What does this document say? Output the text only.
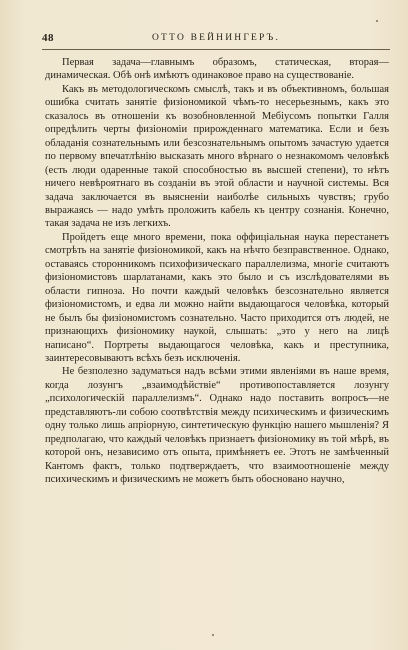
48	ОТТО ВЕЙНИНГЕРЪ.

Первая задача—главнымъ образомъ, статическая, вторая—динамическая. Обѣ онѣ имѣютъ одинаковое право на существованіе.

Какъ въ методологическомъ смыслѣ, такъ и въ объективномъ, большая ошибка считать занятіе физіономикой чѣмъ-то несерьезнымъ, какъ это сказалось въ отношеніи къ возобновленной Мебіусомъ попытки Галля опредѣлить черты физіономіи прирожденнаго математика. Если и безъ обладанія сознательнымъ или безсознательнымъ опытомъ зачастую удается по первому впечатлѣнію высказать много вѣрнаго о незнакомомъ человѣкѣ (есть люди одаренные такой способностью въ высшей степени), то нѣтъ ничего невѣроятнаго въ созданіи въ этой области и научной системы. Вся задача заключается въ выясненіи наиболѣе сильныхъ чувствъ; грубо выражаясь — надо умѣть проложить кабель къ центру сознанія. Конечно, такая задача не изъ легкихъ.

Пройдетъ еще много времени, пока оффиціальная наука перестанетъ смотрѣть на занятіе физіономикой, какъ на нѣчто безправственное. Однако, оставаясь сторонникомъ психофизическаго параллелизма, многіе считаютъ физіономистовъ шарлатанами, какъ это было и съ изслѣдователями въ области гипноза. Но почти каждый человѣкъ безсознательно является физіономистомъ, и едва ли можно найти выдающагося человѣка, который не былъ бы физіономистомъ сознательно. Часто приходится отъ людей, не признающихъ физіономику наукой, слышать: „это у него на лицѣ написано“. Портреты выдающагося человѣка, какъ и преступника, заинтересовываютъ всѣхъ безъ исключенія.

Не безполезно задуматься надъ всѣми этими явленіями въ наше время, когда лозунгъ „взаимодѣйствіе“ противопоставляется лозунгу „психологическій параллелизмъ“. Однако надо поставить вопросъ—не представляютъ-ли собою соотвѣтствія между психическимъ и физическимъ одну только лишь апріорную, синтетическую функцію нашего мышленія? Я предполагаю, что каждый человѣкъ признаетъ физіономику въ той мѣрѣ, въ которой онъ, независимо отъ опыта, примѣняетъ ее. Этотъ не замѣченный Кантомъ фактъ, только подтверждаетъ, что взаимоотношеніе между психическимъ и физическимъ не можетъ быть обосновано научно,
